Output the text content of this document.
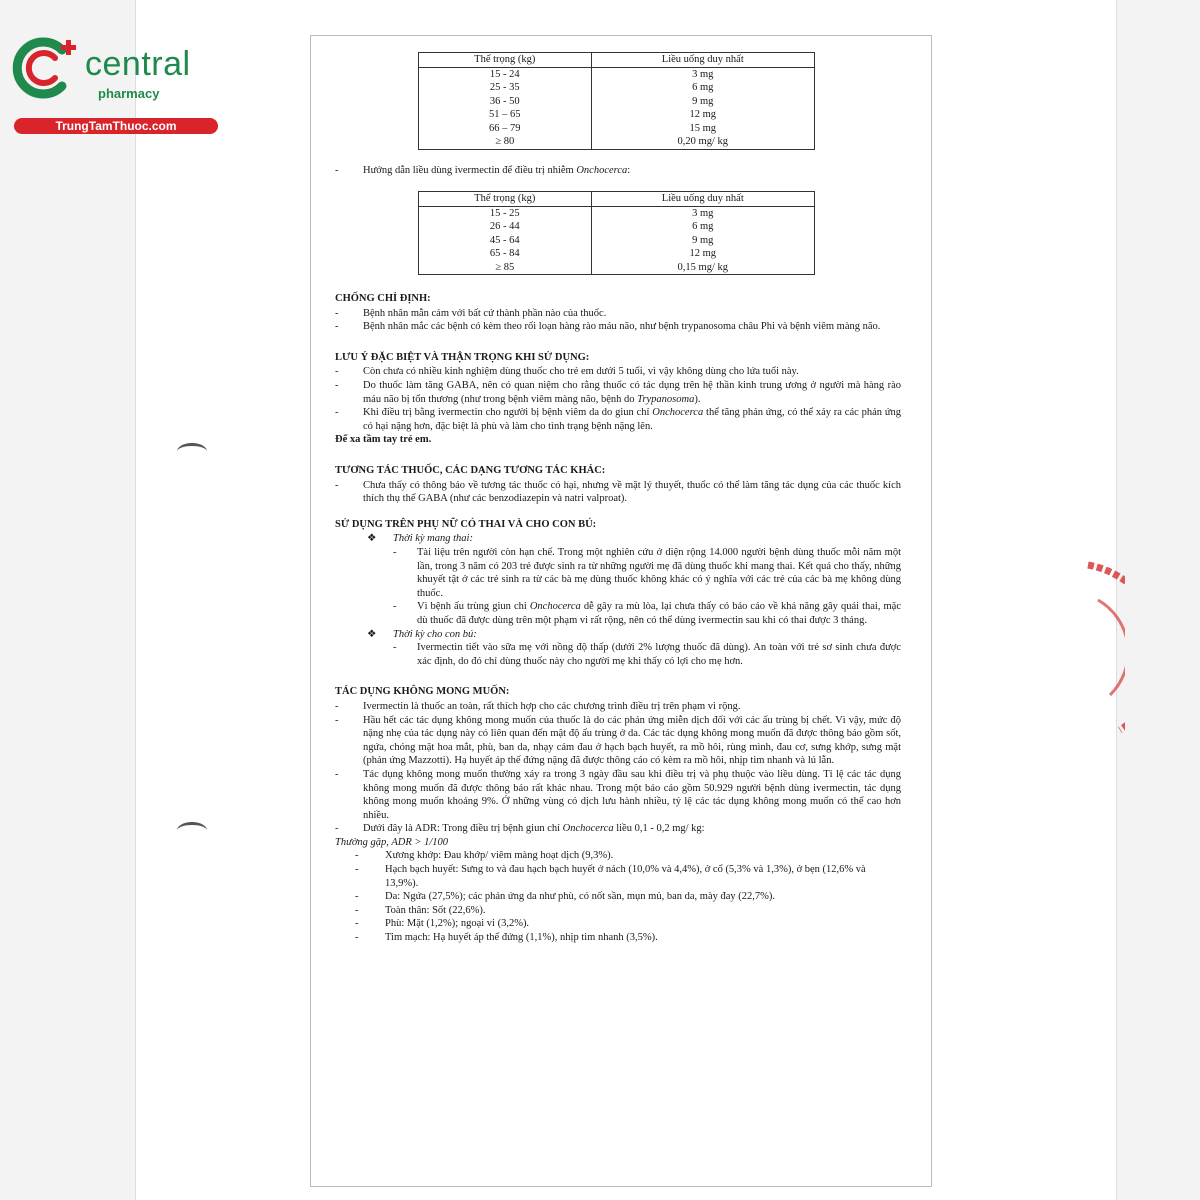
central
pharmacy
TrungTamThuoc.com
Thể trọng (kg)	Liều uống duy nhất
15 - 24	3 mg
25 - 35	6 mg
36 - 50	9 mg
51 – 65	12 mg
66 – 79	15 mg
≥ 80	0,20 mg/ kg
-	Hướng dẫn liều dùng ivermectin để điều trị nhiễm Onchocerca:
Thể trọng (kg)	Liều uống duy nhất
15 - 25	3 mg
26 - 44	6 mg
45 - 64	9 mg
65 - 84	12 mg
≥ 85	0,15 mg/ kg
CHỐNG CHỈ ĐỊNH:
-	Bệnh nhân mẫn cảm với bất cứ thành phần nào của thuốc.
-	Bệnh nhân mắc các bệnh có kèm theo rối loạn hàng rào máu não, như bệnh trypanosoma châu Phi và bệnh viêm màng não.
LƯU Ý ĐẶC BIỆT VÀ THẬN TRỌNG KHI SỬ DỤNG:
-	Còn chưa có nhiều kinh nghiệm dùng thuốc cho trẻ em dưới 5 tuổi, vì vậy không dùng cho lứa tuổi này.
-	Do thuốc làm tăng GABA, nên có quan niệm cho rằng thuốc có tác dụng trên hệ thần kinh trung ương ở người mà hàng rào máu não bị tổn thương (như trong bệnh viêm màng não, bệnh do Trypanosoma).
-	Khi điều trị bằng ivermectin cho người bị bệnh viêm da do giun chỉ Onchocerca thể tăng phản ứng, có thể xảy ra các phản ứng có hại nặng hơn, đặc biệt là phù và làm cho tình trạng bệnh nặng lên.
Để xa tầm tay trẻ em.
TƯƠNG TÁC THUỐC, CÁC DẠNG TƯƠNG TÁC KHÁC:
-	Chưa thấy có thông báo về tương tác thuốc có hại, nhưng về mặt lý thuyết, thuốc có thể làm tăng tác dụng của các thuốc kích thích thụ thể GABA (như các benzodiazepin và natri valproat).
SỬ DỤNG TRÊN PHỤ NỮ CÓ THAI VÀ CHO CON BÚ:
❖	Thời kỳ mang thai:
-	Tài liệu trên người còn hạn chế. Trong một nghiên cứu ở diện rộng 14.000 người bệnh dùng thuốc mỗi năm một lần, trong 3 năm có 203 trẻ được sinh ra từ những người mẹ đã dùng thuốc khi mang thai. Kết quả cho thấy, những khuyết tật ở các trẻ sinh ra từ các bà mẹ dùng thuốc không khác có ý nghĩa với các trẻ của các bà mẹ không dùng thuốc.
-	Vì bệnh ấu trùng giun chỉ Onchocerca dễ gây ra mù lòa, lại chưa thấy có báo cáo về khả năng gây quái thai, mặc dù thuốc đã được dùng trên một phạm vi rất rộng, nên có thể dùng ivermectin sau khi có thai được 3 tháng.
❖	Thời kỳ cho con bú:
-	Ivermectin tiết vào sữa mẹ với nồng độ thấp (dưới 2% lượng thuốc đã dùng). An toàn với trẻ sơ sinh chưa được xác định, do đó chỉ dùng thuốc này cho người mẹ khi thấy có lợi cho mẹ hơn.
TÁC DỤNG KHÔNG MONG MUỐN:
-	Ivermectin là thuốc an toàn, rất thích hợp cho các chương trình điều trị trên phạm vi rộng.
-	Hầu hết các tác dụng không mong muốn của thuốc là do các phản ứng miễn dịch đối với các ấu trùng bị chết. Vì vậy, mức độ nặng nhẹ của tác dụng này có liên quan đến mật độ ấu trùng ở da. Các tác dụng không mong muốn đã được thông báo gồm sốt, ngứa, chóng mặt hoa mắt, phù, ban da, nhạy cảm đau ở hạch bạch huyết, ra mồ hôi, rùng mình, đau cơ, sưng khớp, sưng mặt (phản ứng Mazzotti). Hạ huyết áp thế đứng nặng đã được thông cáo có kèm ra mồ hôi, nhịp tim nhanh và lú lẫn.
-	Tác dụng không mong muốn thường xảy ra trong 3 ngày đầu sau khi điều trị và phụ thuộc vào liều dùng. Tỉ lệ các tác dụng không mong muốn đã được thông báo rất khác nhau. Trong một báo cáo gồm 50.929 người bệnh dùng ivermectin, tác dụng không mong muốn khoảng 9%. Ở những vùng có dịch lưu hành nhiều, tỷ lệ các tác dụng không mong muốn có thể cao hơn nhiều.
-	Dưới đây là ADR: Trong điều trị bệnh giun chỉ Onchocerca liều 0,1 - 0,2 mg/ kg:
Thường gặp, ADR > 1/100
-	Xương khớp: Đau khớp/ viêm màng hoạt dịch (9,3%).
-	Hạch bạch huyết: Sưng to và đau hạch bạch huyết ở nách (10,0% và 4,4%), ở cổ (5,3% và 1,3%), ở bẹn (12,6% và 13,9%).
-	Da: Ngứa (27,5%); các phản ứng da như phù, có nốt sần, mụn mủ, ban da, mày đay (22,7%).
-	Toàn thân: Sốt (22,6%).
-	Phù: Mặt (1,2%); ngoại vi (3,2%).
-	Tim mạch: Hạ huyết áp thế đứng (1,1%), nhịp tim nhanh (3,5%).
